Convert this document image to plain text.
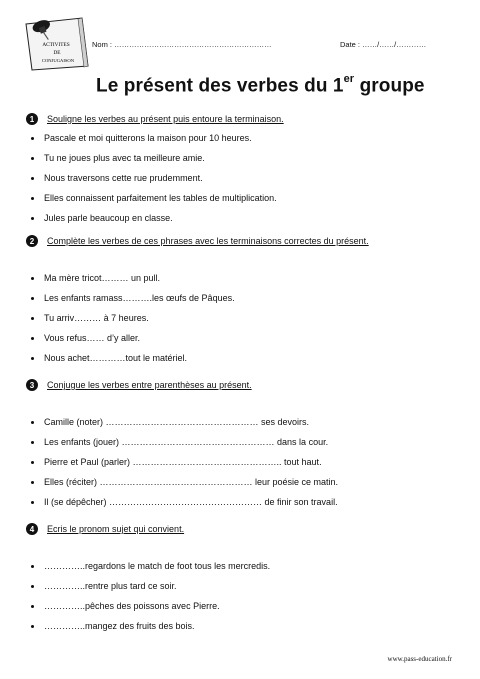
ACTIVITES
DE
CONJUGAISON
Nom : ………………………………………………………	Date : ……/……/…………
Le présent des verbes du 1er groupe
1	Souligne les verbes au présent puis entoure la terminaison.
Pascale et moi quitterons la maison pour 10 heures.
Tu ne joues plus avec ta meilleure amie.
Nous traversons cette rue prudemment.
Elles connaissent parfaitement les tables de multiplication.
Jules parle beaucoup en classe.
2	Complète les verbes de ces phrases avec les terminaisons correctes du présent.
Ma mère tricot……… un pull.
Les enfants ramass……….les œufs de Pâques.
Tu arriv……… à 7 heures.
Vous refus…… d’y aller.
Nous achet…………tout le matériel.
3	Conjugue les verbes entre parenthèses au présent.
Camille (noter) …………………………………………… ses devoirs.
Les enfants (jouer) …………………………………………… dans la cour.
Pierre et Paul (parler) ………………………………………….. tout haut.
Elles (réciter) …………………………………………… leur poésie ce matin.
Il (se dépêcher) …………………………………………… de finir son travail.
4	Ecris le pronom sujet qui convient.
…………..regardons le match de foot tous les mercredis.
…………..rentre plus tard ce soir.
…………..pêches des poissons avec Pierre.
…………..mangez des fruits des bois.
www.pass-education.fr
